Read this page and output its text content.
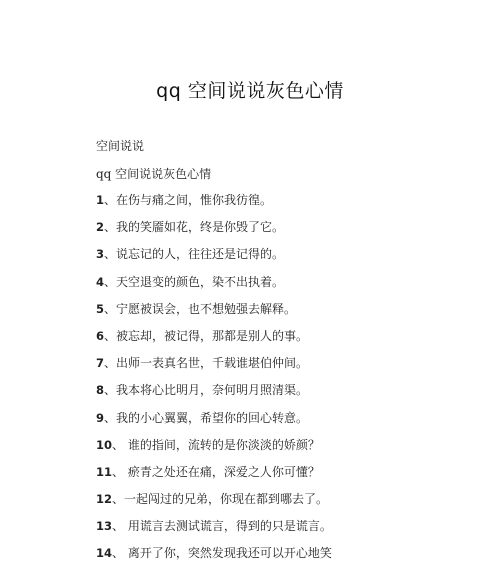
qq 空间说说灰色心情
空间说说
qq 空间说说灰色心情
1、在伤与痛之间，惟你我彷徨。
2、我的笑靥如花，终是你毁了它。
3、说忘记的人，往往还是记得的。
4、天空退变的颜色，染不出执着。
5、宁愿被误会，也不想勉强去解释。
6、被忘却，被记得，那都是别人的事。
7、出师一表真名世，千载谁堪伯仲间。
8、我本将心比明月，奈何明月照清渠。
9、我的小心翼翼，希望你的回心转意。
10、 谁的指间，流转的是你淡淡的娇颜？
11、 瘀青之处还在痛，深爱之人你可懂？
12、一起闯过的兄弟，你现在都到哪去了。
13、 用谎言去测试谎言，得到的只是谎言。
14、 离开了你，突然发现我还可以开心地笑
